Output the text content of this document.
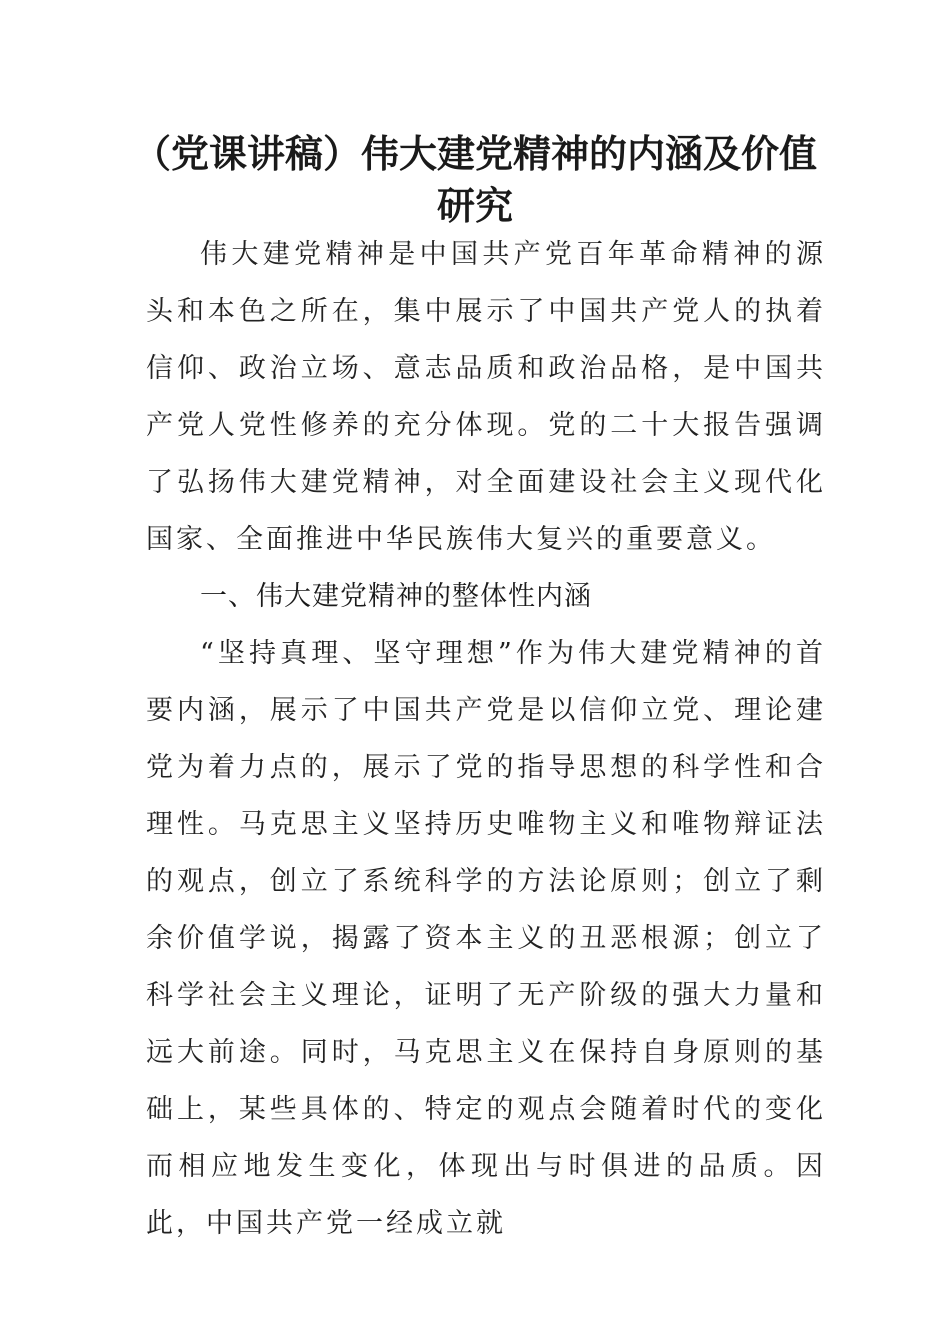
（党课讲稿）伟大建党精神的内涵及价值研究

伟大建党精神是中国共产党百年革命精神的源头和本色之所在，集中展示了中国共产党人的执着信仰、政治立场、意志品质和政治品格，是中国共产党人党性修养的充分体现。党的二十大报告强调了弘扬伟大建党精神，对全面建设社会主义现代化国家、全面推进中华民族伟大复兴的重要意义。

一、伟大建党精神的整体性内涵

“坚持真理、坚守理想”作为伟大建党精神的首要内涵，展示了中国共产党是以信仰立党、理论建党为着力点的，展示了党的指导思想的科学性和合理性。马克思主义坚持历史唯物主义和唯物辩证法的观点，创立了系统科学的方法论原则；创立了剩余价值学说，揭露了资本主义的丑恶根源；创立了科学社会主义理论，证明了无产阶级的强大力量和远大前途。同时，马克思主义在保持自身原则的基础上，某些具体的、特定的观点会随着时代的变化而相应地发生变化，体现出与时俱进的品质。因此，中国共产党一经成立就
